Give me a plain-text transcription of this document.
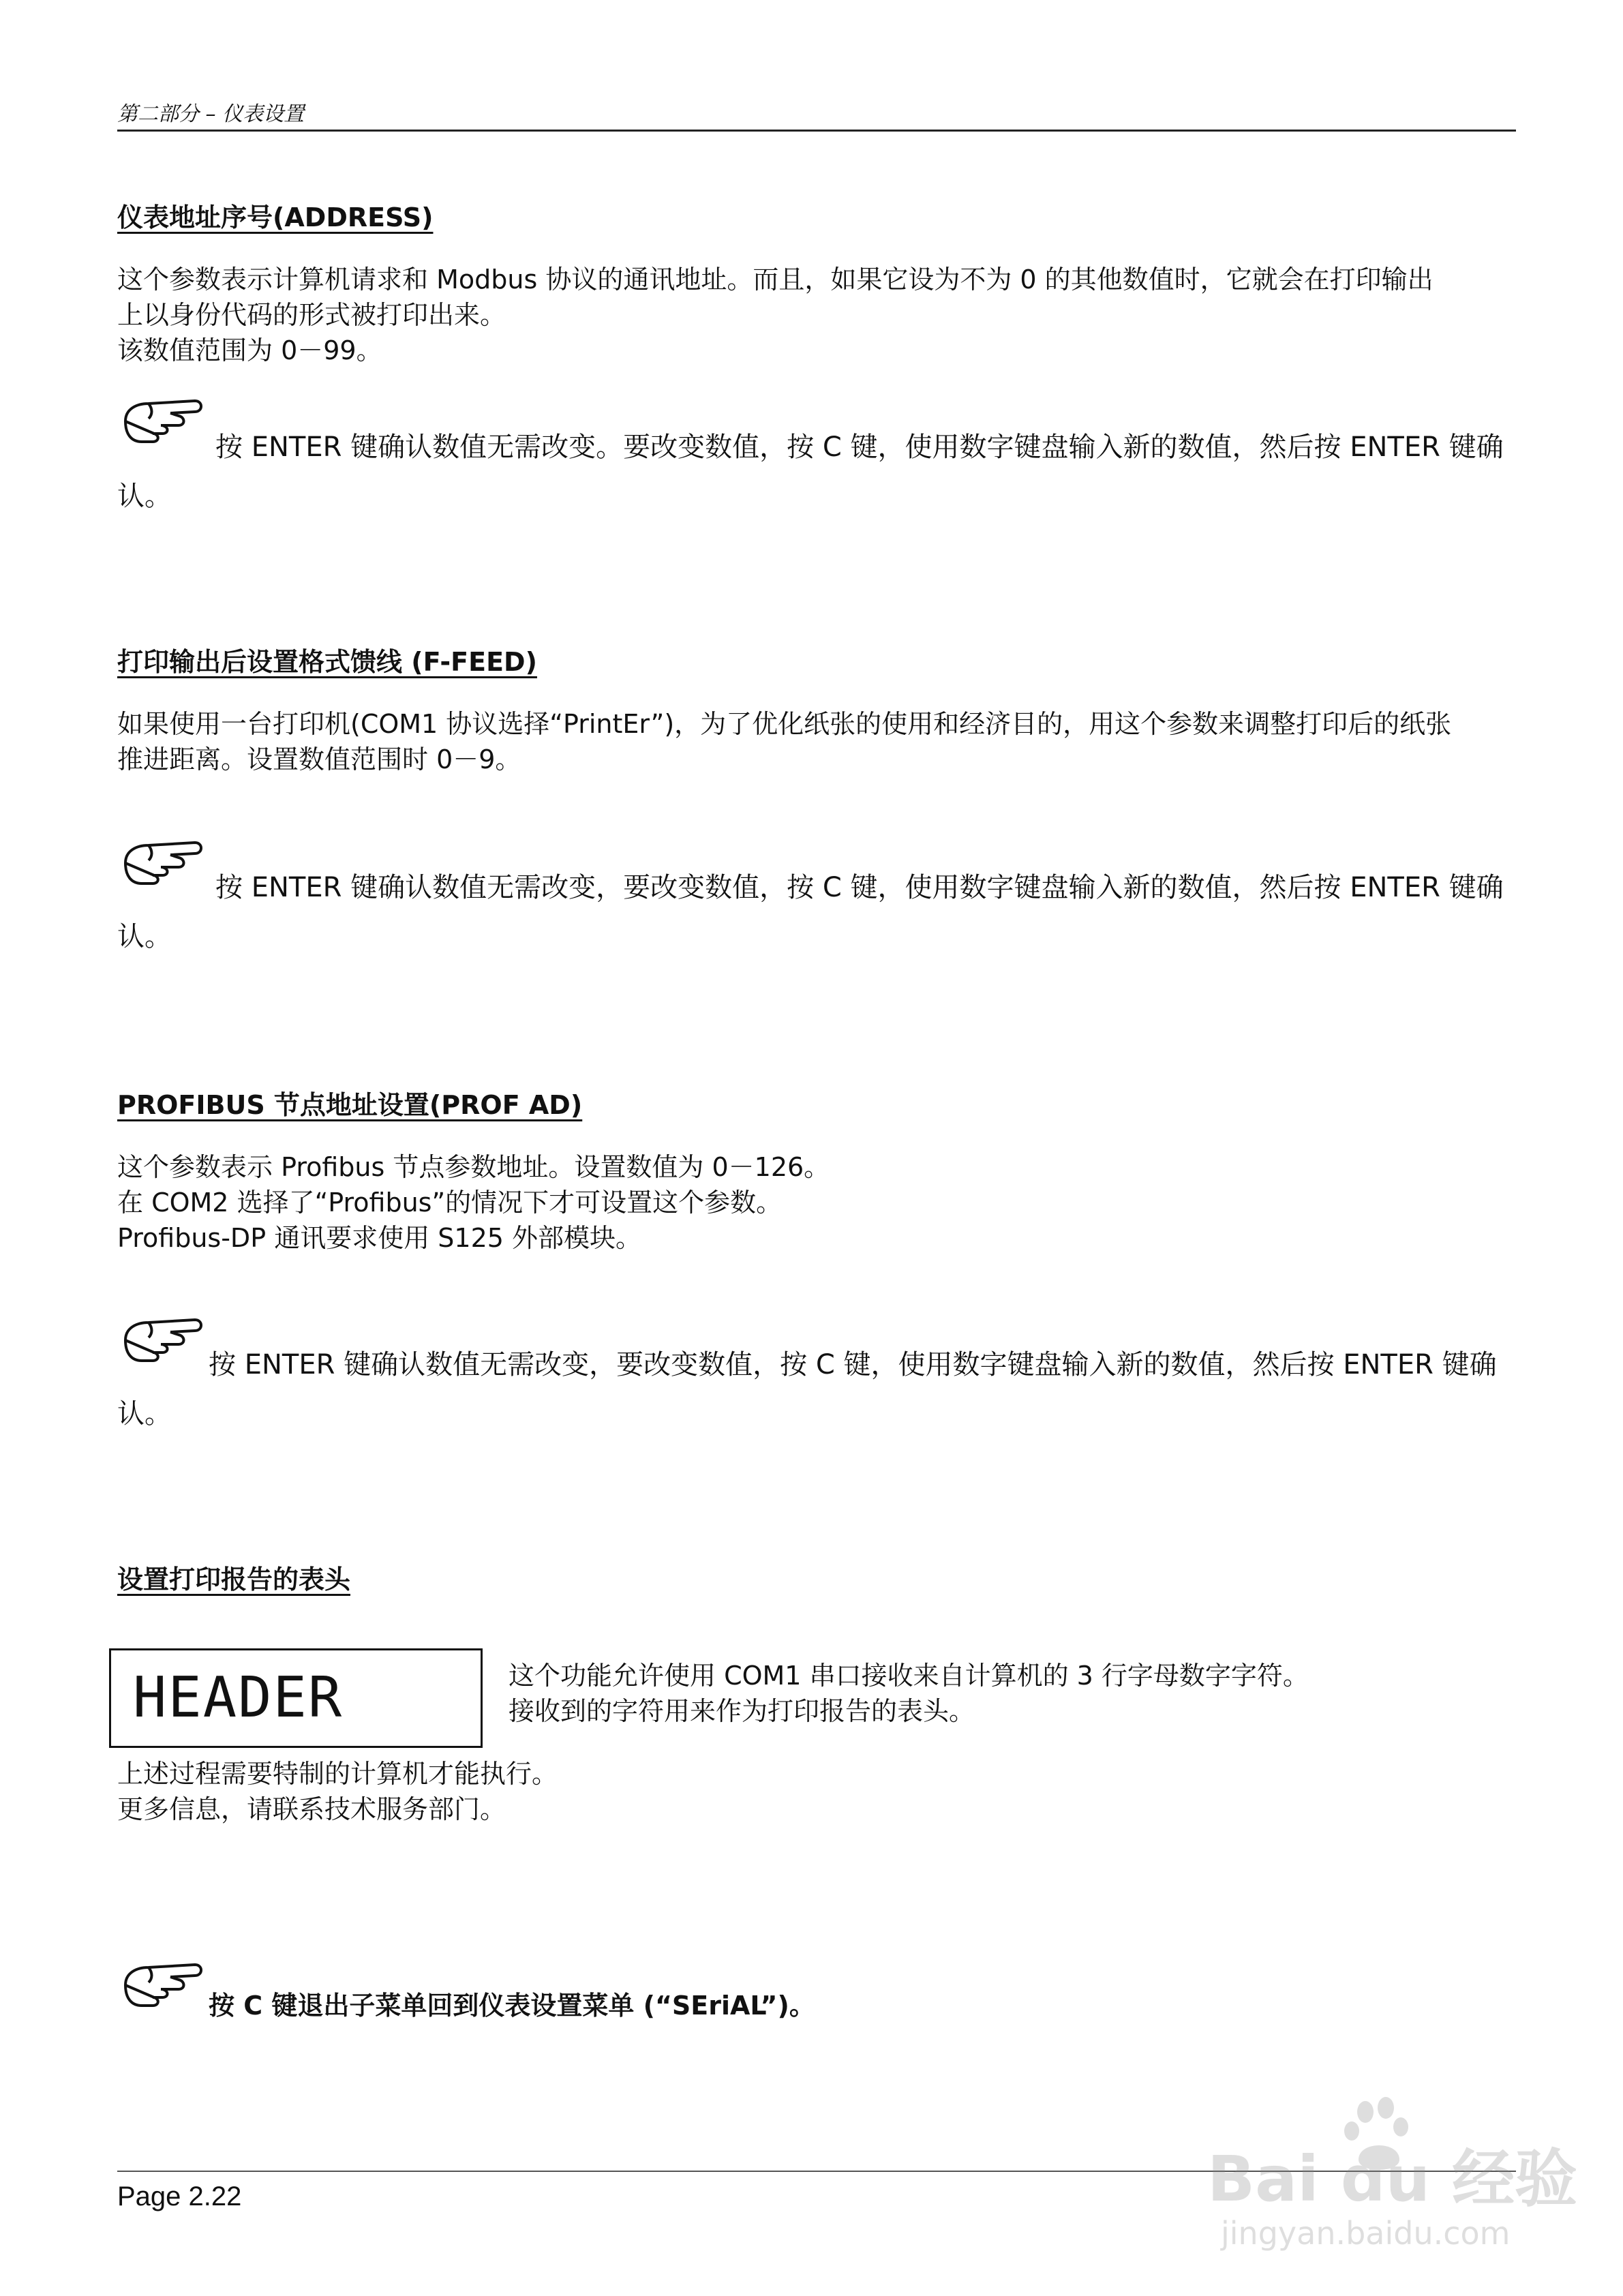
第二部分 – 仪表设置
仪表地址序号(ADDRESS)
这个参数表示计算机请求和 Modbus 协议的通讯地址。而且，如果它设为不为 0 的其他数值时，它就会在打印输出
上以身份代码的形式被打印出来。
该数值范围为 0－99。
按 ENTER 键确认数值无需改变。要改变数值，按 C 键，使用数字键盘输入新的数值，然后按 ENTER 键确
认。
打印输出后设置格式馈线 (F-FEED)
如果使用一台打印机(COM1 协议选择“PrintEr”)，为了优化纸张的使用和经济目的，用这个参数来调整打印后的纸张
推进距离。设置数值范围时 0－9。
按 ENTER 键确认数值无需改变，要改变数值，按 C 键，使用数字键盘输入新的数值，然后按 ENTER 键确
认。
PROFIBUS 节点地址设置(PROF AD)
这个参数表示 Profibus 节点参数地址。设置数值为 0－126。
在 COM2 选择了“Profibus”的情况下才可设置这个参数。
Profibus-DP 通讯要求使用 S125 外部模块。
按 ENTER 键确认数值无需改变，要改变数值，按 C 键，使用数字键盘输入新的数值，然后按 ENTER 键确
认。
设置打印报告的表头
HEADER	这个功能允许使用 COM1 串口接收来自计算机的 3 行字母数字字符。
接收到的字符用来作为打印报告的表头。
上述过程需要特制的计算机才能执行。
更多信息，请联系技术服务部门。
按 C 键退出子菜单回到仪表设置菜单 (“SEriAL”)。
Page 2.22	Bai du 经验
jingyan.baidu.com
